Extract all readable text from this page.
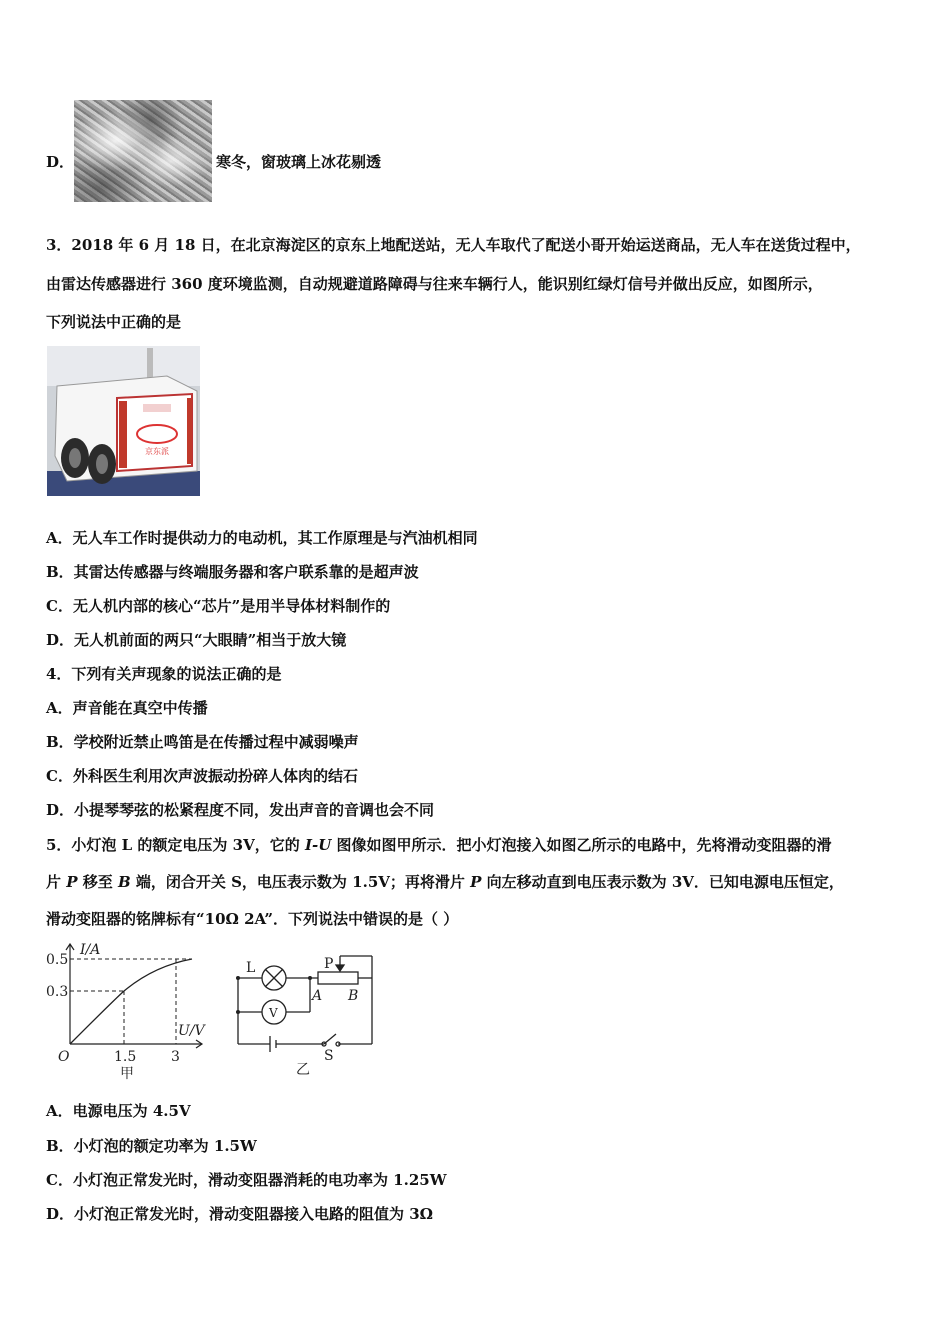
D．	寒冬，窗玻璃上冰花剔透
3．2018 年 6 月 18 日，在北京海淀区的京东上地配送站，无人车取代了配送小哥开始运送商品，无人车在送货过程中，
由雷达传感器进行 360 度环境监测，自动规避道路障碍与往来车辆行人，能识别红绿灯信号并做出反应，如图所示，
下列说法中正确的是
京东派
A．无人车工作时提供动力的电动机，其工作原理是与汽油机相同
B．其雷达传感器与终端服务器和客户联系靠的是超声波
C．无人机内部的核心“芯片”是用半导体材料制作的
D．无人机前面的两只“大眼睛”相当于放大镜
4．下列有关声现象的说法正确的是
A．声音能在真空中传播
B．学校附近禁止鸣笛是在传播过程中减弱噪声
C．外科医生利用次声波振动扮碎人体肉的结石
D．小提琴琴弦的松紧程度不同，发出声音的音调也会不同
5．小灯泡 L 的额定电压为 3V，它的 I-U 图像如图甲所示．把小灯泡接入如图乙所示的电路中，先将滑动变阻器的滑
片 P 移至 B 端，闭合开关 S，电压表示数为 1.5V；再将滑片 P 向左移动直到电压表示数为 3V．已知电源电压恒定，
滑动变阻器的铭牌标有“10Ω 2A”．下列说法中错误的是（ ）
I/A
U/V
0.5
0.3
1.5 3
O
甲
L
V
P
A B
S
乙
A．电源电压为 4.5V
B．小灯泡的额定功率为 1.5W
C．小灯泡正常发光时，滑动变阻器消耗的电功率为 1.25W
D．小灯泡正常发光时，滑动变阻器接入电路的阻值为 3Ω
